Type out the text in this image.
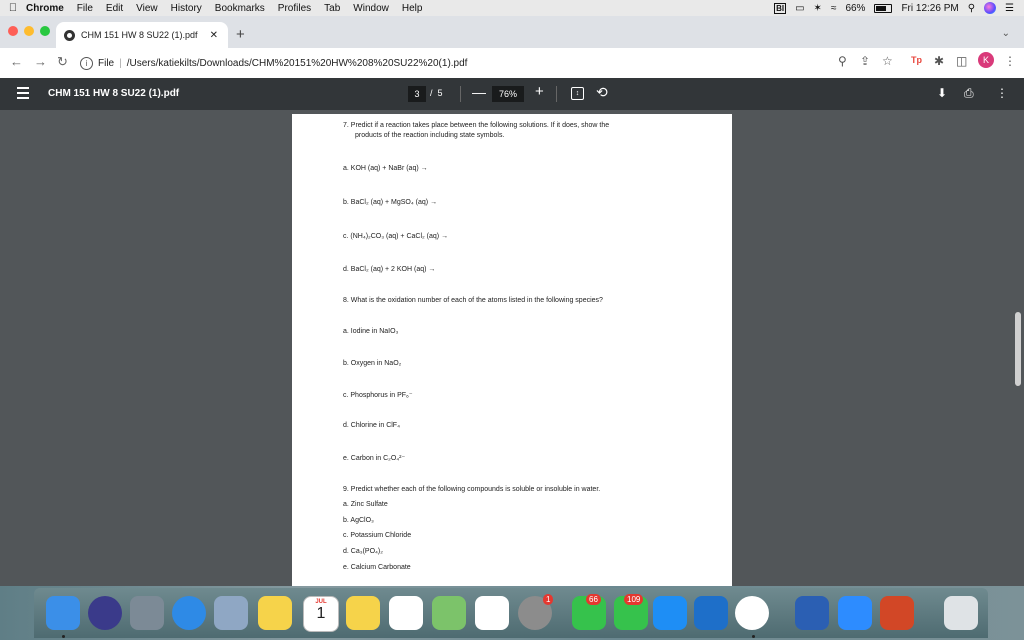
Chrome File Edit View History Bookmarks Profiles Tab Window Help	BI ▭ ✶ ≈ 66%	Fri 12:26 PM ⚲	☰
CHM 151 HW 8 SU22 (1).pdf ✕ +	⌄
← → ↻	i	File | /Users/katiekilts/Downloads/CHM%20151%20HW%208%20SU22%20(1).pdf	⚲ ⇪ ☆	✱ ◫	⋮
Tp	K
CHM 151 HW 8 SU22 (1).pdf	3	/ 5 —	76%	+	↕	⟲	⬇ ⎙ ⋮
7. Predict if a reaction takes place between the following solutions. If it does, show the
products of the reaction including state symbols.
a. KOH (aq) + NaBr (aq) →
b. BaCl₂ (aq) + MgSO₄ (aq) →
c. (NH₄)₂CO₃ (aq) + CaCl₂ (aq) →
d. BaCl₂ (aq) + 2 KOH (aq) →
8. What is the oxidation number of each of the atoms listed in the following species?
a. Iodine in NaIO₃
b. Oxygen in NaO₂
c. Phosphorus in PF₆⁻
d. Chlorine in ClF₄
e. Carbon in C₂O₄²⁻
9. Predict whether each of the following compounds is soluble or insoluble in water.
a. Zinc Sulfate
b. AgClO₃
c. Potassium Chloride
d. Ca₃(PO₄)₂
e. Calcium Carbonate
JUL
1
1	66	109
